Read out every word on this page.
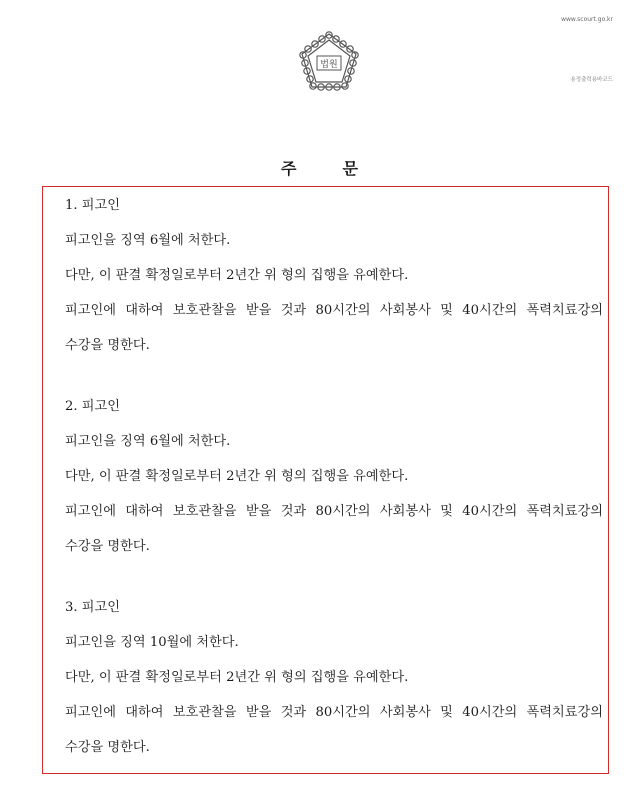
법원
www.scourt.go.kr
용정출력용바코드
주	문
1. 피고인
피고인을 징역 6월에 처한다.
다만, 이 판결 확정일로부터 2년간 위 형의 집행을 유예한다.
피고인에 대하여 보호관찰을 받을 것과 80시간의 사회봉사 및 40시간의 폭력치료강의
수강을 명한다.
2. 피고인
피고인을 징역 6월에 처한다.
다만, 이 판결 확정일로부터 2년간 위 형의 집행을 유예한다.
피고인에 대하여 보호관찰을 받을 것과 80시간의 사회봉사 및 40시간의 폭력치료강의
수강을 명한다.
3. 피고인
피고인을 징역 10월에 처한다.
다만, 이 판결 확정일로부터 2년간 위 형의 집행을 유예한다.
피고인에 대하여 보호관찰을 받을 것과 80시간의 사회봉사 및 40시간의 폭력치료강의
수강을 명한다.
